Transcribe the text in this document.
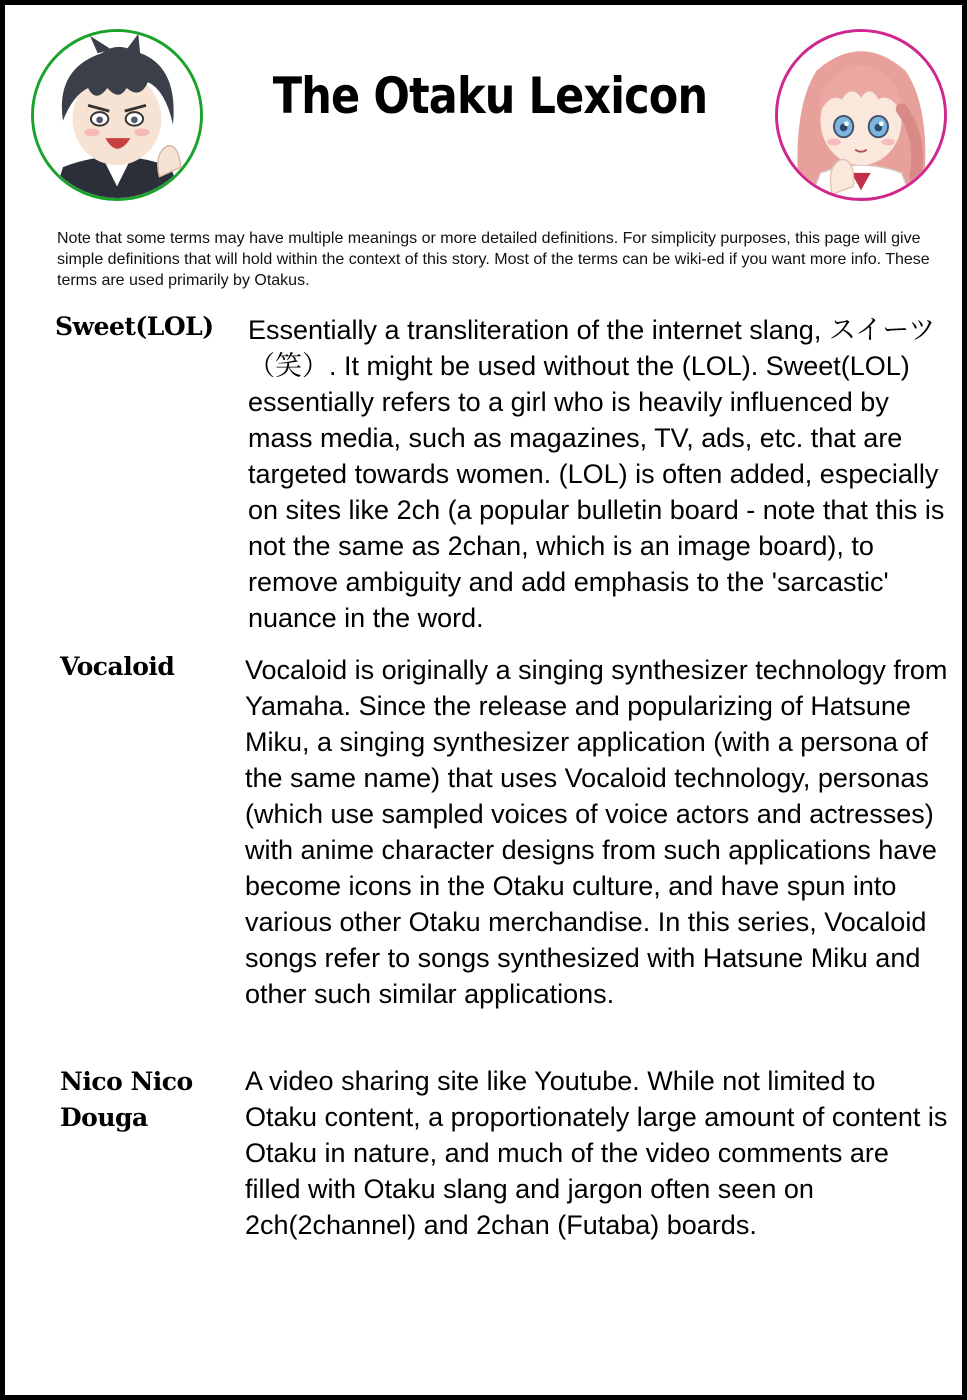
The Otaku Lexicon
Note that some terms may have multiple meanings or more detailed definitions. For simplicity purposes, this page will give simple definitions that will hold within the context of this story. Most of the terms can be wiki-ed if you want more info. These terms are used primarily by Otakus.
Sweet(LOL)	Essentially a transliteration of the internet slang, スイーツ（笑）. It might be used without the (LOL). Sweet(LOL) essentially refers to a girl who is heavily influenced by mass media, such as magazines, TV, ads, etc. that are targeted towards women. (LOL) is often added, especially on sites like 2ch (a popular bulletin board - note that this is not the same as 2chan, which is an image board), to remove ambiguity and add emphasis to the 'sarcastic' nuance in the word.
Vocaloid	Vocaloid is originally a singing synthesizer technology from Yamaha. Since the release and popularizing of Hatsune Miku, a singing synthesizer application (with a persona of the same name) that uses Vocaloid technology, personas (which use sampled voices of voice actors and actresses) with anime character designs from such applications have become icons in the Otaku culture, and have spun into various other Otaku merchandise. In this series, Vocaloid songs refer to songs synthesized with Hatsune Miku and other such similar applications.
Nico Nico Douga
A video sharing site like Youtube. While not limited to Otaku content, a proportionately large amount of content is Otaku in nature, and much of the video comments are filled with Otaku slang and jargon often seen on 2ch(2channel) and 2chan (Futaba) boards.
